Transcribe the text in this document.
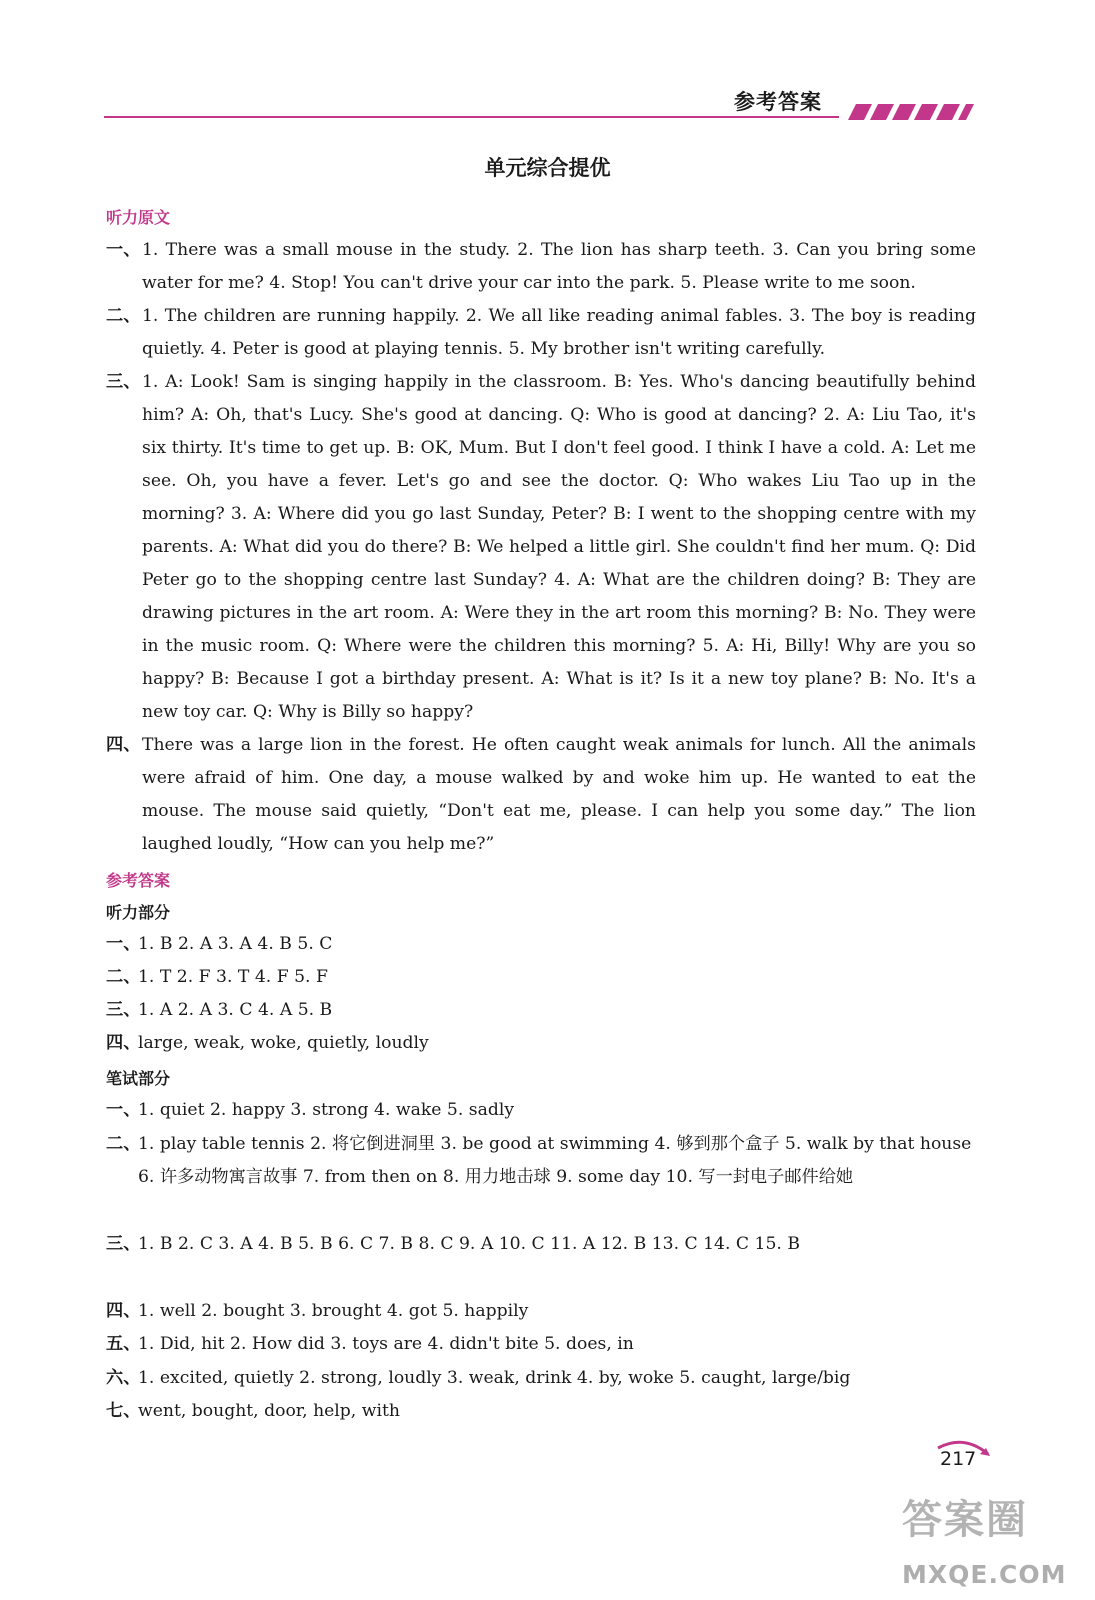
参考答案
单元综合提优
听力原文
一、 1. There was a small mouse in the study. 2. The lion has sharp teeth. 3. Can you bring some water for me? 4. Stop! You can't drive your car into the park. 5. Please write to me soon.
二、 1. The children are running happily. 2. We all like reading animal fables. 3. The boy is reading quietly. 4. Peter is good at playing tennis. 5. My brother isn't writing carefully.
三、 1. A: Look! Sam is singing happily in the classroom. B: Yes. Who's dancing beautifully behind him? A: Oh, that's Lucy. She's good at dancing. Q: Who is good at dancing? 2. A: Liu Tao, it's six thirty. It's time to get up. B: OK, Mum. But I don't feel good. I think I have a cold. A: Let me see. Oh, you have a fever. Let's go and see the doctor. Q: Who wakes Liu Tao up in the morning? 3. A: Where did you go last Sunday, Peter? B: I went to the shopping centre with my parents. A: What did you do there? B: We helped a little girl. She couldn't find her mum. Q: Did Peter go to the shopping centre last Sunday? 4. A: What are the children doing? B: They are drawing pictures in the art room. A: Were they in the art room this morning? B: No. They were in the music room. Q: Where were the children this morning? 5. A: Hi, Billy! Why are you so happy? B: Because I got a birthday present. A: What is it? Is it a new toy plane? B: No. It's a new toy car. Q: Why is Billy so happy?
四、 There was a large lion in the forest. He often caught weak animals for lunch. All the animals were afraid of him. One day, a mouse walked by and woke him up. He wanted to eat the mouse. The mouse said quietly, “Don't eat me, please. I can help you some day.” The lion laughed loudly, “How can you help me?”
参考答案
听力部分
一、
1. B 2. A 3. A 4. B 5. C
二、
1. T 2. F 3. T 4. F 5. F
三、
1. A 2. A 3. C 4. A 5. B
四、
large, weak, woke, quietly, loudly
笔试部分
一、
1. quiet 2. happy 3. strong 4. wake 5. sadly
二、
1. play table tennis 2. 将它倒进洞里 3. be good at swimming 4. 够到那个盒子 5. walk by that house 6. 许多动物寓言故事 7. from then on 8. 用力地击球 9. some day 10. 写一封电子邮件给她
三、
1. B 2. C 3. A 4. B 5. B 6. C 7. B 8. C 9. A 10. C 11. A 12. B 13. C 14. C 15. B
四、
1. well 2. bought 3. brought 4. got 5. happily
五、
1. Did, hit 2. How did 3. toys are 4. didn't bite 5. does, in
六、
1. excited, quietly 2. strong, loudly 3. weak, drink 4. by, woke 5. caught, large/big
七、
went, bought, door, help, with
217
答案圈
MXQE.COM
